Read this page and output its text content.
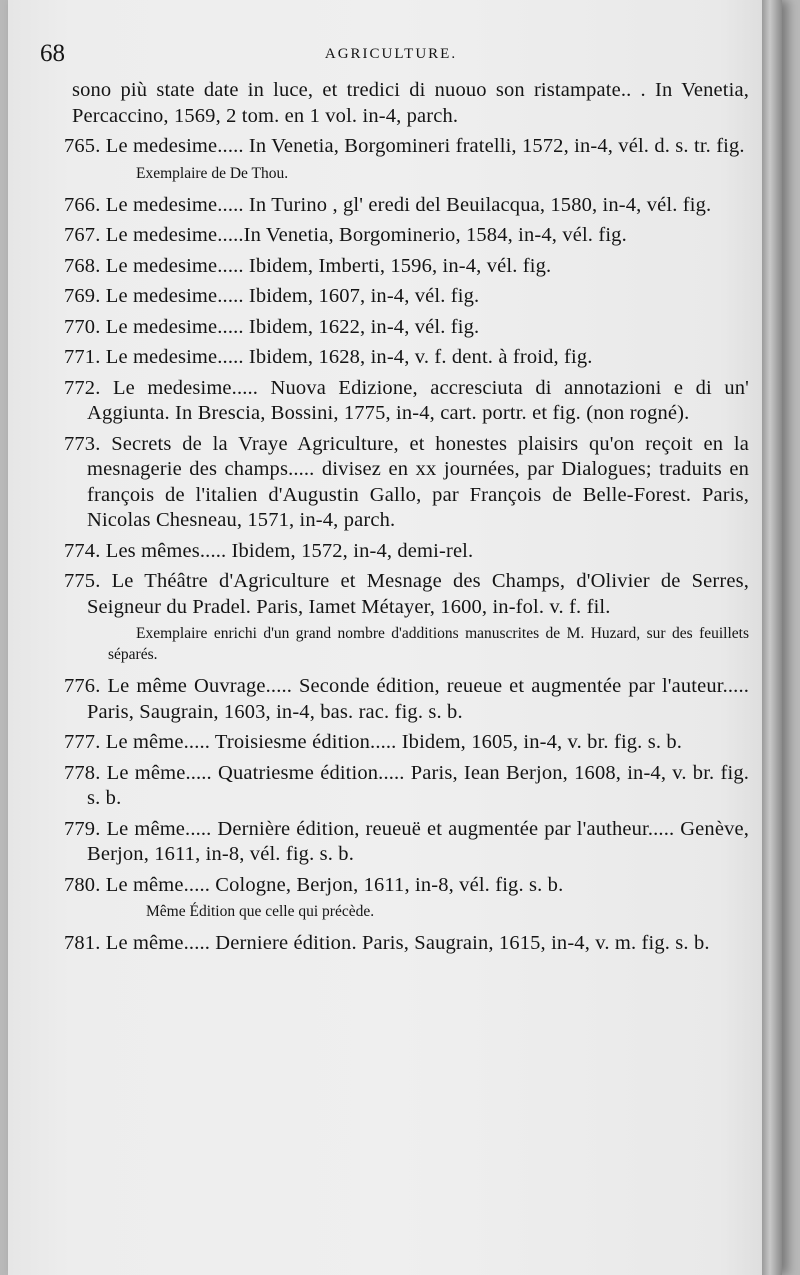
68	AGRICULTURE.

sono più state date in luce, et tredici di nuouo son ristampate.. . In Venetia, Percaccino, 1569, 2 tom. en 1 vol. in-4, parch.

765. Le medesime..... In Venetia, Borgomineri fratelli, 1572, in-4, vél. d. s. tr. fig.

Exemplaire de De Thou.

766. Le medesime..... In Turino , gl' eredi del Beuilacqua, 1580, in-4, vél. fig.

767. Le medesime.....In Venetia, Borgominerio, 1584, in-4, vél. fig.

768. Le medesime..... Ibidem, Imberti, 1596, in-4, vél. fig.

769. Le medesime..... Ibidem, 1607, in-4, vél. fig.

770. Le medesime..... Ibidem, 1622, in-4, vél. fig.

771. Le medesime..... Ibidem, 1628, in-4, v. f. dent. à froid, fig.

772. Le medesime..... Nuova Edizione, accresciuta di annotazioni e di un' Aggiunta. In Brescia, Bossini, 1775, in-4, cart. portr. et fig. (non rogné).

773. Secrets de la Vraye Agriculture, et honestes plaisirs qu'on reçoit en la mesnagerie des champs..... divisez en xx journées, par Dialogues; traduits en françois de l'italien d'Augustin Gallo, par François de Belle-Forest. Paris, Nicolas Chesneau, 1571, in-4, parch.

774. Les mêmes..... Ibidem, 1572, in-4, demi-rel.

775. Le Théâtre d'Agriculture et Mesnage des Champs, d'Olivier de Serres, Seigneur du Pradel. Paris, Iamet Métayer, 1600, in-fol. v. f. fil.

Exemplaire enrichi d'un grand nombre d'additions manuscrites de M. Huzard, sur des feuillets séparés.

776. Le même Ouvrage..... Seconde édition, reueue et augmentée par l'auteur..... Paris, Saugrain, 1603, in-4, bas. rac. fig. s. b.

777. Le même..... Troisiesme édition..... Ibidem, 1605, in-4, v. br. fig. s. b.

778. Le même..... Quatriesme édition..... Paris, Iean Berjon, 1608, in-4, v. br. fig. s. b.

779. Le même..... Dernière édition, reueuë et augmentée par l'autheur..... Genève, Berjon, 1611, in-8, vél. fig. s. b.

780. Le même..... Cologne, Berjon, 1611, in-8, vél. fig. s. b.

Même Édition que celle qui précède.

781. Le même..... Derniere édition. Paris, Saugrain, 1615, in-4, v. m. fig. s. b.
